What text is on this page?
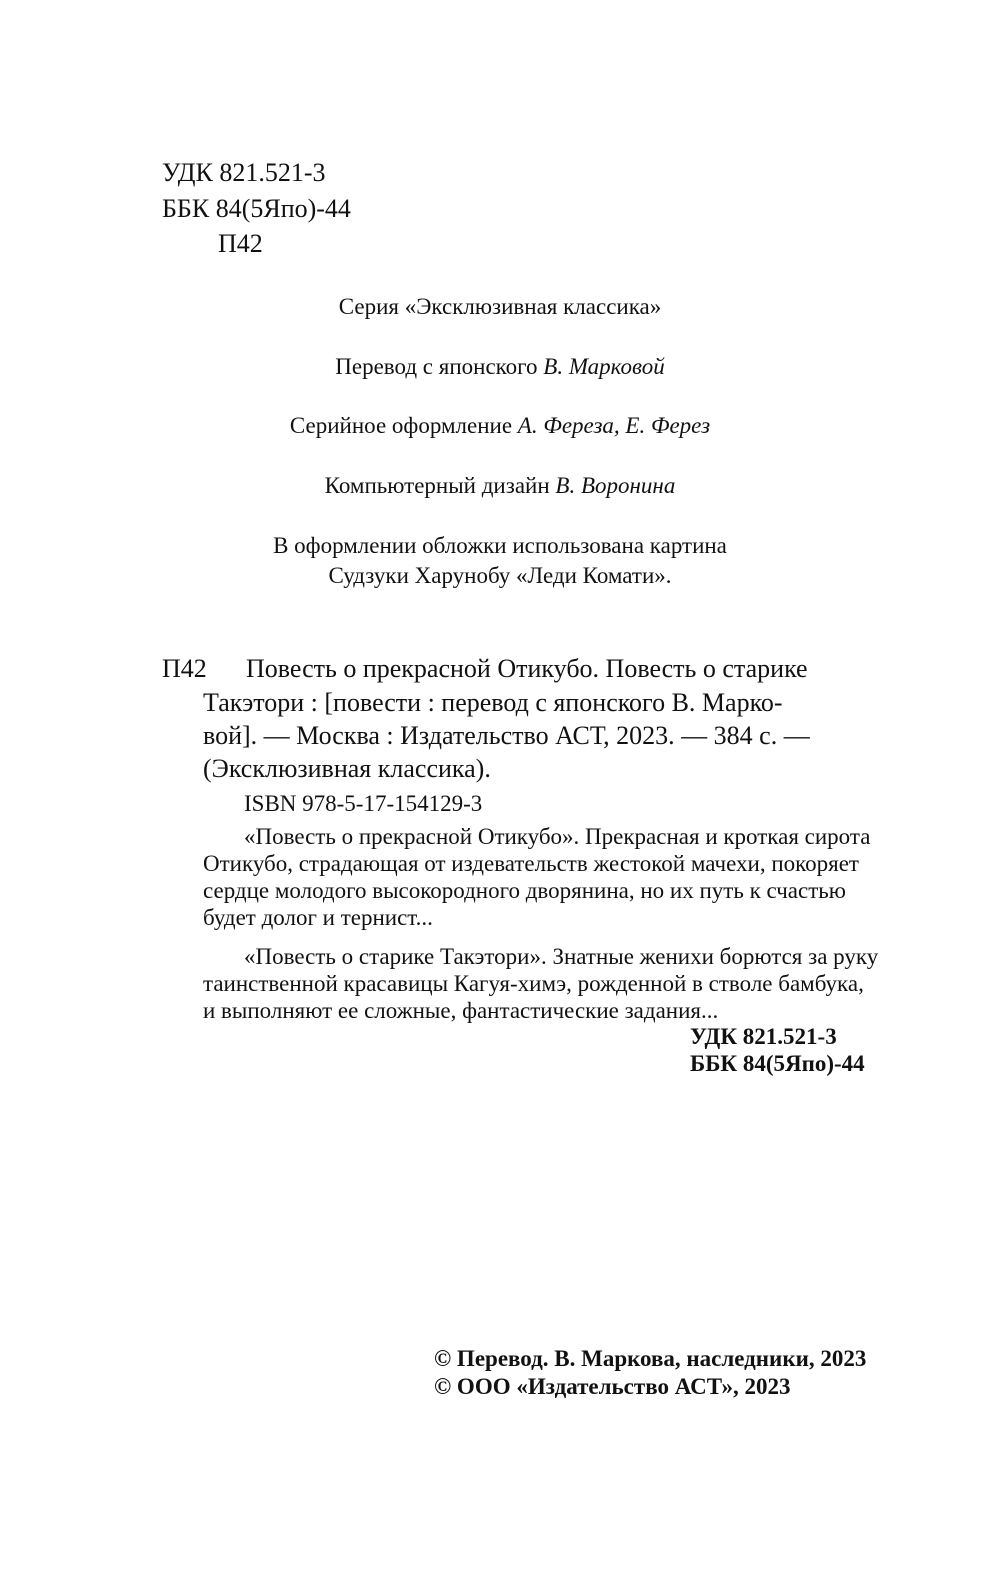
УДК 821.521-3

ББК 84(5Япо)-44

П42

Серия «Эксклюзивная классика»

Перевод с японского В. Марковой

Серийное оформление А. Фереза, Е. Ферез

Компьютерный дизайн В. Воронина

В оформлении обложки использована картина

Судзуки Харунобу «Леди Комати».

П42 Повесть о прекрасной Отикубо. Повесть о старике

Такэтори : [повести : перевод с японского В. Марко-

вой]. — Москва : Издательство АСТ, 2023. — 384 с. —

(Эксклюзивная классика).

ISBN 978-5-17-154129-3

«Повесть о прекрасной Отикубо». Прекрасная и кроткая сирота

Отикубо, страдающая от издевательств жестокой мачехи, покоряет

сердце молодого высокородного дворянина, но их путь к счастью

будет долог и тернист...

«Повесть о старике Такэтори». Знатные женихи борются за руку

таинственной красавицы Кагуя-химэ, рожденной в стволе бамбука,

и выполняют ее сложные, фантастические задания...

УДК 821.521-3

ББК 84(5Япо)-44

© Перевод. В. Маркова, наследники, 2023

© ООО «Издательство АСТ», 2023
